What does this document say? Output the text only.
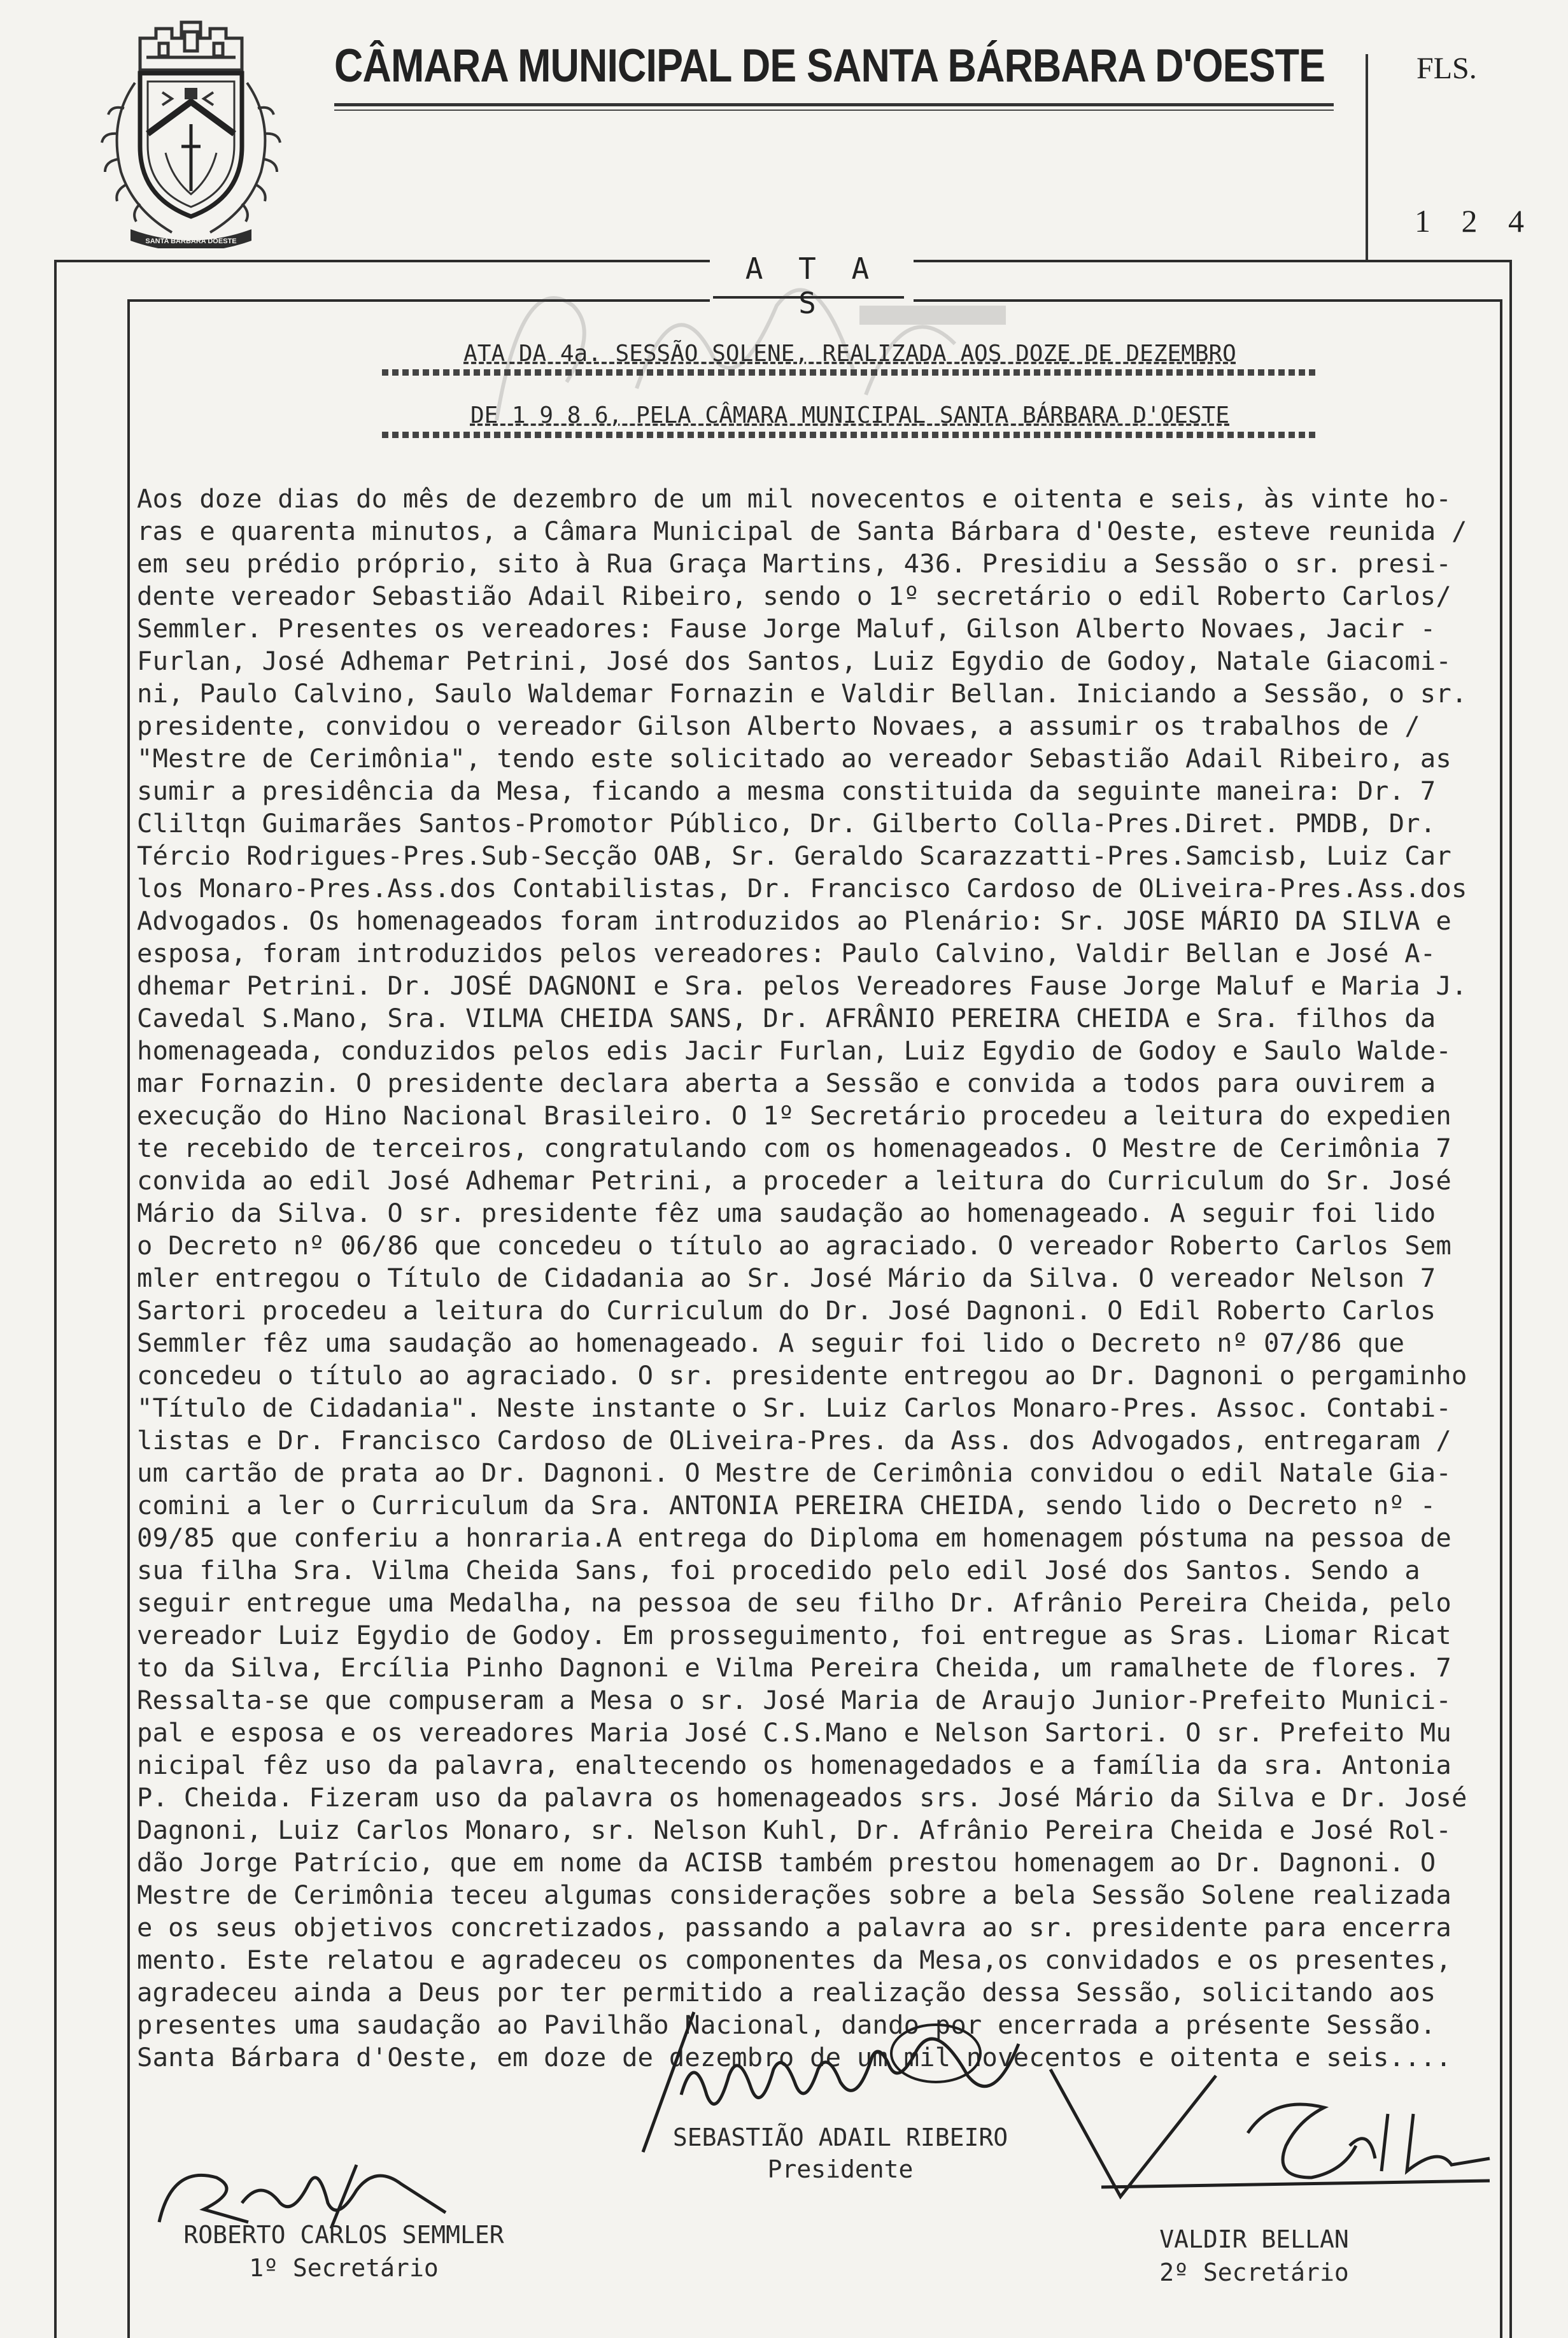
SANTA BARBARA DOESTE
CÂMARA MUNICIPAL DE SANTA BÁRBARA D'OESTE	FLS.
1 2 4
A T A S
ATA DA 4a. SESSÃO SOLENE, REALIZADA AOS DOZE DE DEZEMBRO
DE 1 9 8 6, PELA CÂMARA MUNICIPAL SANTA BÁRBARA D'OESTE
Aos doze dias do mês de dezembro de um mil novecentos e oitenta e seis, às vinte ho-
ras e quarenta minutos, a Câmara Municipal de Santa Bárbara d'Oeste, esteve reunida /
em seu prédio próprio, sito à Rua Graça Martins, 436. Presidiu a Sessão o sr. presi-
dente vereador Sebastião Adail Ribeiro, sendo o 1º secretário o edil Roberto Carlos/
Semmler. Presentes os vereadores: Fause Jorge Maluf, Gilson Alberto Novaes, Jacir -
Furlan, José Adhemar Petrini, José dos Santos, Luiz Egydio de Godoy, Natale Giacomi-
ni, Paulo Calvino, Saulo Waldemar Fornazin e Valdir Bellan. Iniciando a Sessão, o sr.
presidente, convidou o vereador Gilson Alberto Novaes, a assumir os trabalhos de /
"Mestre de Cerimônia", tendo este solicitado ao vereador Sebastião Adail Ribeiro, as
sumir a presidência da Mesa, ficando a mesma constituida da seguinte maneira: Dr. 7
Cliltqn Guimarães Santos-Promotor Público, Dr. Gilberto Colla-Pres.Diret. PMDB, Dr.
Tércio Rodrigues-Pres.Sub-Secção OAB, Sr. Geraldo Scarazzatti-Pres.Samcisb, Luiz Car
los Monaro-Pres.Ass.dos Contabilistas, Dr. Francisco Cardoso de OLiveira-Pres.Ass.dos
Advogados. Os homenageados foram introduzidos ao Plenário: Sr. JOSE MÁRIO DA SILVA e
esposa, foram introduzidos pelos vereadores: Paulo Calvino, Valdir Bellan e José A-
dhemar Petrini. Dr. JOSÉ DAGNONI e Sra. pelos Vereadores Fause Jorge Maluf e Maria J.
Cavedal S.Mano, Sra. VILMA CHEIDA SANS, Dr. AFRÂNIO PEREIRA CHEIDA e Sra. filhos da
homenageada, conduzidos pelos edis Jacir Furlan, Luiz Egydio de Godoy e Saulo Walde-
mar Fornazin. O presidente declara aberta a Sessão e convida a todos para ouvirem a
execução do Hino Nacional Brasileiro. O 1º Secretário procedeu a leitura do expedien
te recebido de terceiros, congratulando com os homenageados. O Mestre de Cerimônia 7
convida ao edil José Adhemar Petrini, a proceder a leitura do Curriculum do Sr. José
Mário da Silva. O sr. presidente fêz uma saudação ao homenageado. A seguir foi lido
o Decreto nº 06/86 que concedeu o título ao agraciado. O vereador Roberto Carlos Sem
mler entregou o Título de Cidadania ao Sr. José Mário da Silva. O vereador Nelson 7
Sartori procedeu a leitura do Curriculum do Dr. José Dagnoni. O Edil Roberto Carlos
Semmler fêz uma saudação ao homenageado. A seguir foi lido o Decreto nº 07/86 que
concedeu o título ao agraciado. O sr. presidente entregou ao Dr. Dagnoni o pergaminho
"Título de Cidadania". Neste instante o Sr. Luiz Carlos Monaro-Pres. Assoc. Contabi-
listas e Dr. Francisco Cardoso de OLiveira-Pres. da Ass. dos Advogados, entregaram /
um cartão de prata ao Dr. Dagnoni. O Mestre de Cerimônia convidou o edil Natale Gia-
comini a ler o Curriculum da Sra. ANTONIA PEREIRA CHEIDA, sendo lido o Decreto nº -
09/85 que conferiu a honraria.A entrega do Diploma em homenagem póstuma na pessoa de
sua filha Sra. Vilma Cheida Sans, foi procedido pelo edil José dos Santos. Sendo a
seguir entregue uma Medalha, na pessoa de seu filho Dr. Afrânio Pereira Cheida, pelo
vereador Luiz Egydio de Godoy. Em prosseguimento, foi entregue as Sras. Liomar Ricat
to da Silva, Ercília Pinho Dagnoni e Vilma Pereira Cheida, um ramalhete de flores. 7
Ressalta-se que compuseram a Mesa o sr. José Maria de Araujo Junior-Prefeito Munici-
pal e esposa e os vereadores Maria José C.S.Mano e Nelson Sartori. O sr. Prefeito Mu
nicipal fêz uso da palavra, enaltecendo os homenagedados e a família da sra. Antonia
P. Cheida. Fizeram uso da palavra os homenageados srs. José Mário da Silva e Dr. José
Dagnoni, Luiz Carlos Monaro, sr. Nelson Kuhl, Dr. Afrânio Pereira Cheida e José Rol-
dão Jorge Patrício, que em nome da ACISB também prestou homenagem ao Dr. Dagnoni. O
Mestre de Cerimônia teceu algumas considerações sobre a bela Sessão Solene realizada
e os seus objetivos concretizados, passando a palavra ao sr. presidente para encerra
mento. Este relatou e agradeceu os componentes da Mesa,os convidados e os presentes,
agradeceu ainda a Deus por ter permitido a realização dessa Sessão, solicitando aos
presentes uma saudação ao Pavilhão Nacional, dando por encerrada a présente Sessão.
Santa Bárbara d'Oeste, em doze de dezembro de um mil novecentos e oitenta e seis....
SEBASTIÃO ADAIL RIBEIRO
Presidente
ROBERTO CARLOS SEMMLER
1º Secretário
VALDIR BELLAN
2º Secretário
